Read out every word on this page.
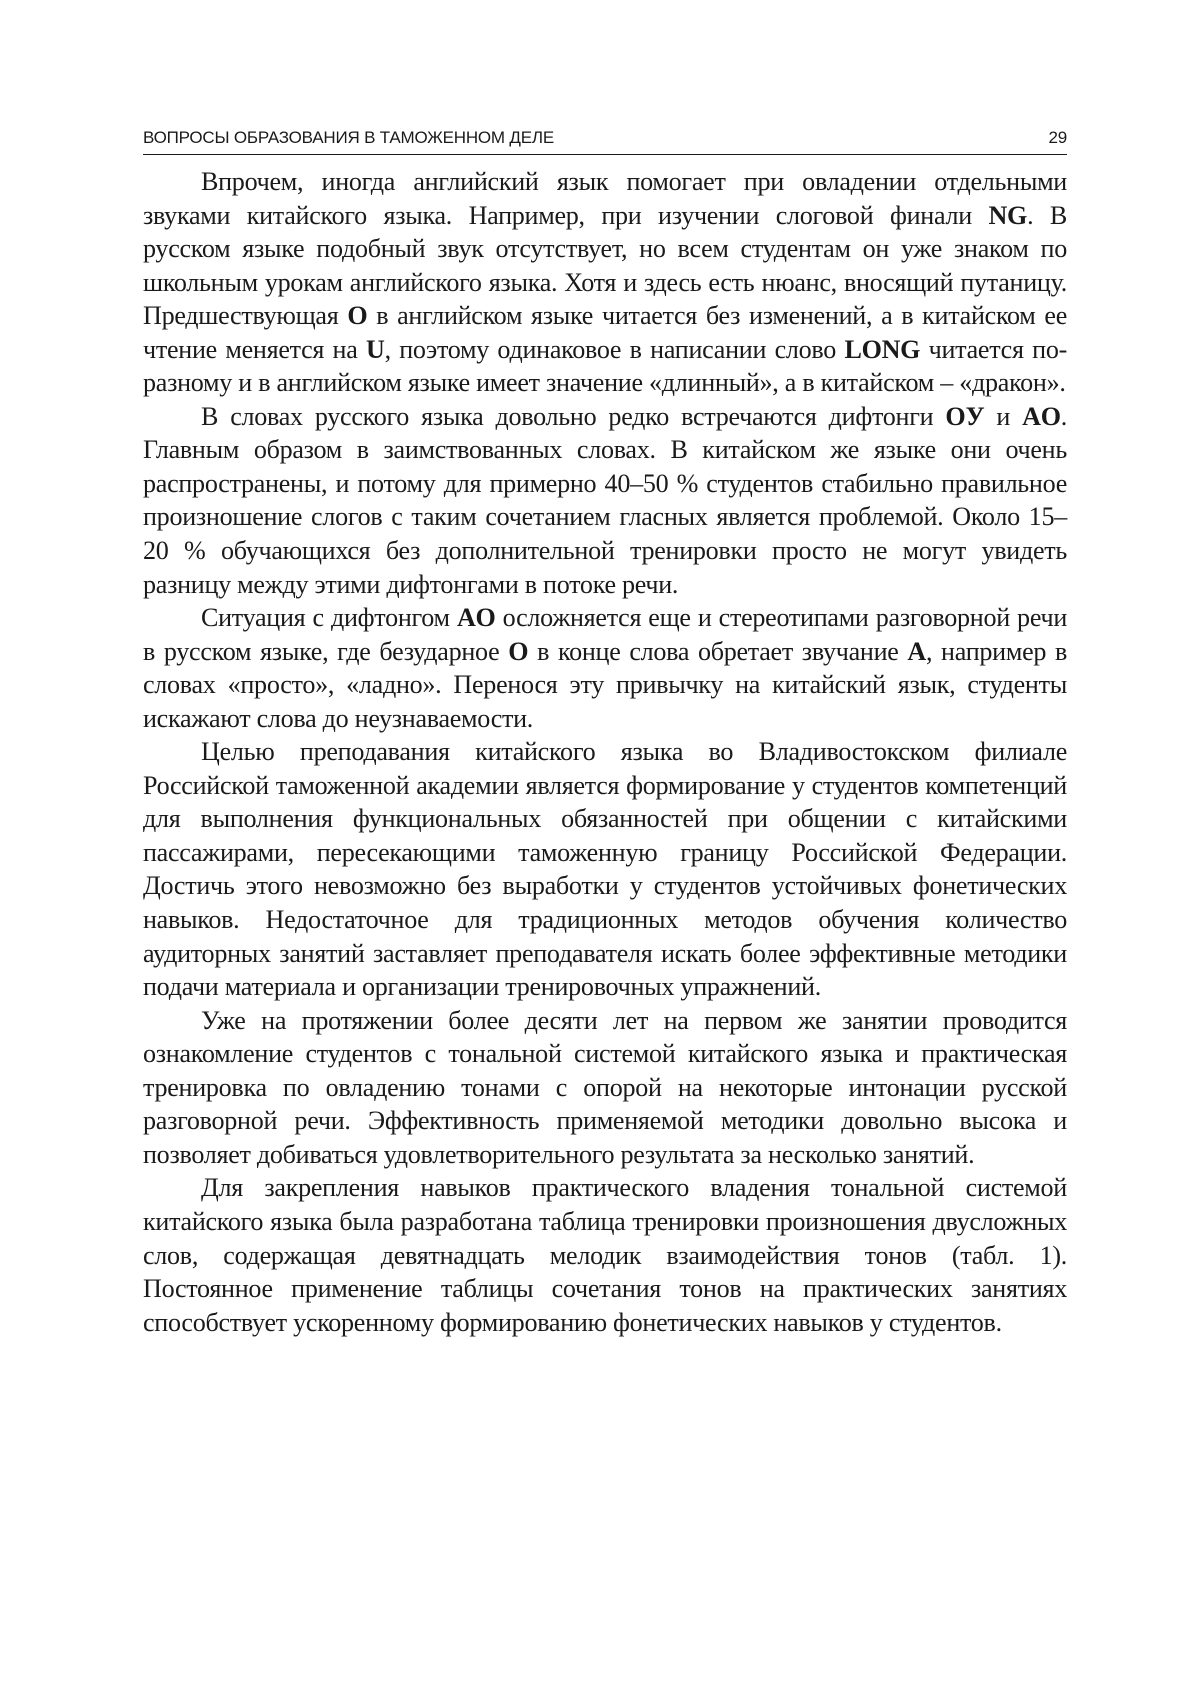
ВОПРОСЫ ОБРАЗОВАНИЯ В ТАМОЖЕННОМ ДЕЛЕ	29

Впрочем, иногда английский язык помогает при овладении отдель­ными звуками китайского языка. Например, при изучении слоговой фи­нали NG. В русском языке подобный звук отсутствует, но всем студентам он уже знаком по школьным урокам английского языка. Хотя и здесь есть нюанс, вносящий путаницу. Предшествующая O в английском языке чита­ется без изменений, а в китайском ее чтение меняется на U, поэтому одина­ковое в написании слово LONG читается по-разному и в английском языке имеет значение «длинный», а в китайском – «дракон».

В словах русского языка довольно редко встречаются дифтонги OУ и AO. Главным образом в заимствованных словах. В китайском же языке они очень распространены, и потому для примерно 40–50 % студентов ста­бильно правильное произношение слогов с таким сочетанием гласных яв­ляется проблемой. Около 15–20 % обучающихся без дополнительной тре­нировки просто не могут увидеть разницу между этими дифтонгами в по­токе речи.

Ситуация с дифтонгом AO осложняется еще и стереотипами разго­ворной речи в русском языке, где безударное O в конце слова обретает зву­чание А, например в словах «просто», «ладно». Перенося эту привычку на китайский язык, студенты искажают слова до неузнаваемости.

Целью преподавания китайского языка во Владивостокском филиале Российской таможенной академии является формирование у студентов компетенций для выполнения функциональных обязанностей при обще­нии с китайскими пассажирами, пересекающими таможенную границу Российской Федерации. Достичь этого невозможно без выработки у сту­дентов устойчивых фонетических навыков. Недостаточное для традицион­ных методов обучения количество аудиторных занятий заставляет препо­давателя искать более эффективные методики подачи материала и органи­зации тренировочных упражнений.

Уже на протяжении более десяти лет на первом же занятии проводится ознакомление студентов с тональной системой китайского языка и прак­тическая тренировка по овладению тонами с опорой на некоторые инто­нации русской разговорной речи. Эффективность применяемой методики довольно высока и позволяет добиваться удовлетворительного результата за несколько занятий.

Для закрепления навыков практического владения тональной систе­мой китайского языка была разработана таблица тренировки произноше­ния двусложных слов, содержащая девятнадцать мелодик взаимодействия тонов (табл. 1). Постоянное применение таблицы сочетания тонов на прак­тических занятиях способствует ускоренному формированию фонетиче­ских навыков у студентов.
